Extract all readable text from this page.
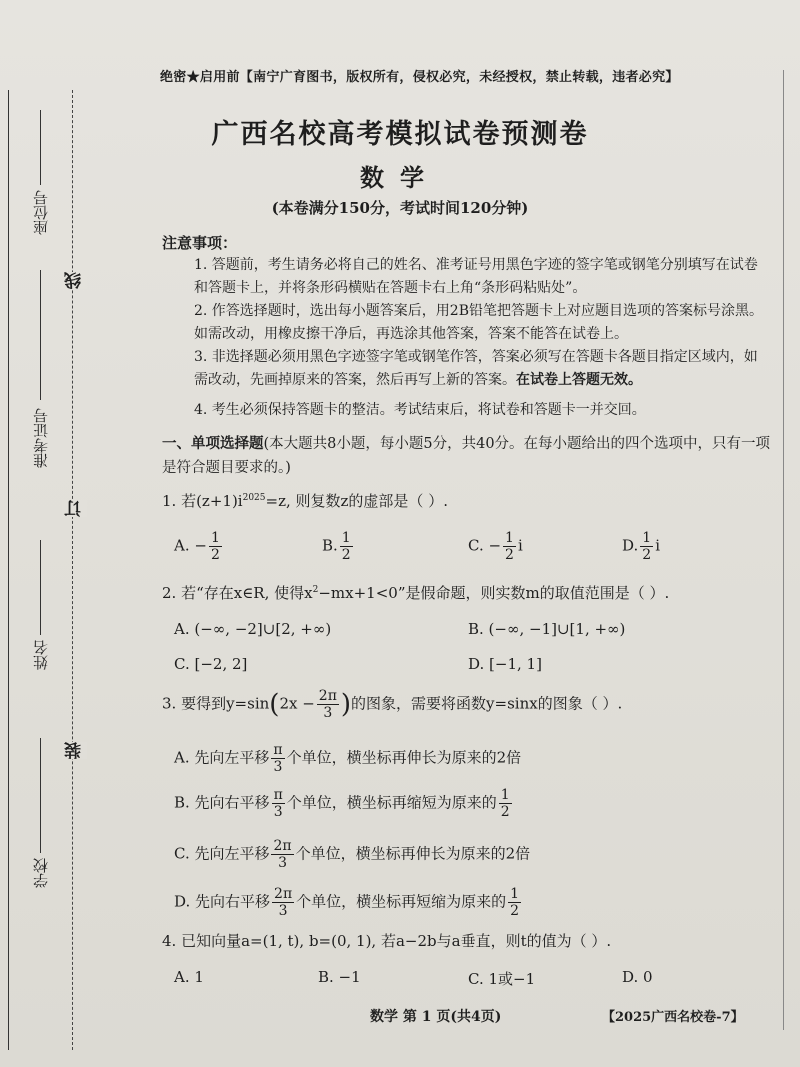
座位号
准考证号
姓名
学校
线
订
装
绝密★启用前【南宁广育图书，版权所有，侵权必究，未经授权，禁止转载，违者必究】
广西名校高考模拟试卷预测卷
数学
(本卷满分150分，考试时间120分钟)
注意事项：
1. 答题前，考生请务必将自己的姓名、准考证号用黑色字迹的签字笔或钢笔分别填写在试卷和答题卡上，并将条形码横贴在答题卡右上角“条形码粘贴处”。
2. 作答选择题时，选出每小题答案后，用2B铅笔把答题卡上对应题目选项的答案标号涂黑。如需改动，用橡皮擦干净后，再选涂其他答案，答案不能答在试卷上。
3. 非选择题必须用黑色字迹签字笔或钢笔作答，答案必须写在答题卡各题目指定区域内，如需改动，先画掉原来的答案，然后再写上新的答案。在试卷上答题无效。
4. 考生必须保持答题卡的整洁。考试结束后，将试卷和答题卡一并交回。
一、单项选择题(本大题共8小题，每小题5分，共40分。在每小题给出的四个选项中，只有一项是符合题目要求的。)
1. 若$(z+1)i^{2025}=z$, 则复数z的虚部是（ ）.
A. − $\frac{1}{2}$	B. $\frac{1}{2}$	C. − $\frac{1}{2}$ i	D. $\frac{1}{2}$ i
2. 若“存在x∈R, 使得$x^2-mx+1<0$”是假命题，则实数m的取值范围是（ ）.
A. (−∞, −2]∪[2, +∞)	B. (−∞, −1]∪[1, +∞)
C. [−2, 2]	D. [−1, 1]
3. 要得到$y=\sin(2x - \frac{2\pi}{3}$ )的图象，需要将函数y=sinx的图象（ ）.
A. 先向左平移 $\frac{\pi}{3}$ 个单位，横坐标再伸长为原来的2倍
B. 先向右平移 $\frac{\pi}{3}$ 个单位，横坐标再缩短为原来的 $\frac{1}{2}$
C. 先向左平移 $\frac{2\pi}{3}$ 个单位，横坐标再伸长为原来的2倍
D. 先向右平移 $\frac{2\pi}{3}$ 个单位，横坐标再短缩为原来的 $\frac{1}{2}$
4. 已知向量a=(1, t), b=(0, 1), 若a−2b与a垂直，则t的值为（ ）.
A. 1	B. −1	C. 1或−1	D. 0
数学 第 1 页(共4页)	【2025广西名校卷-7】
